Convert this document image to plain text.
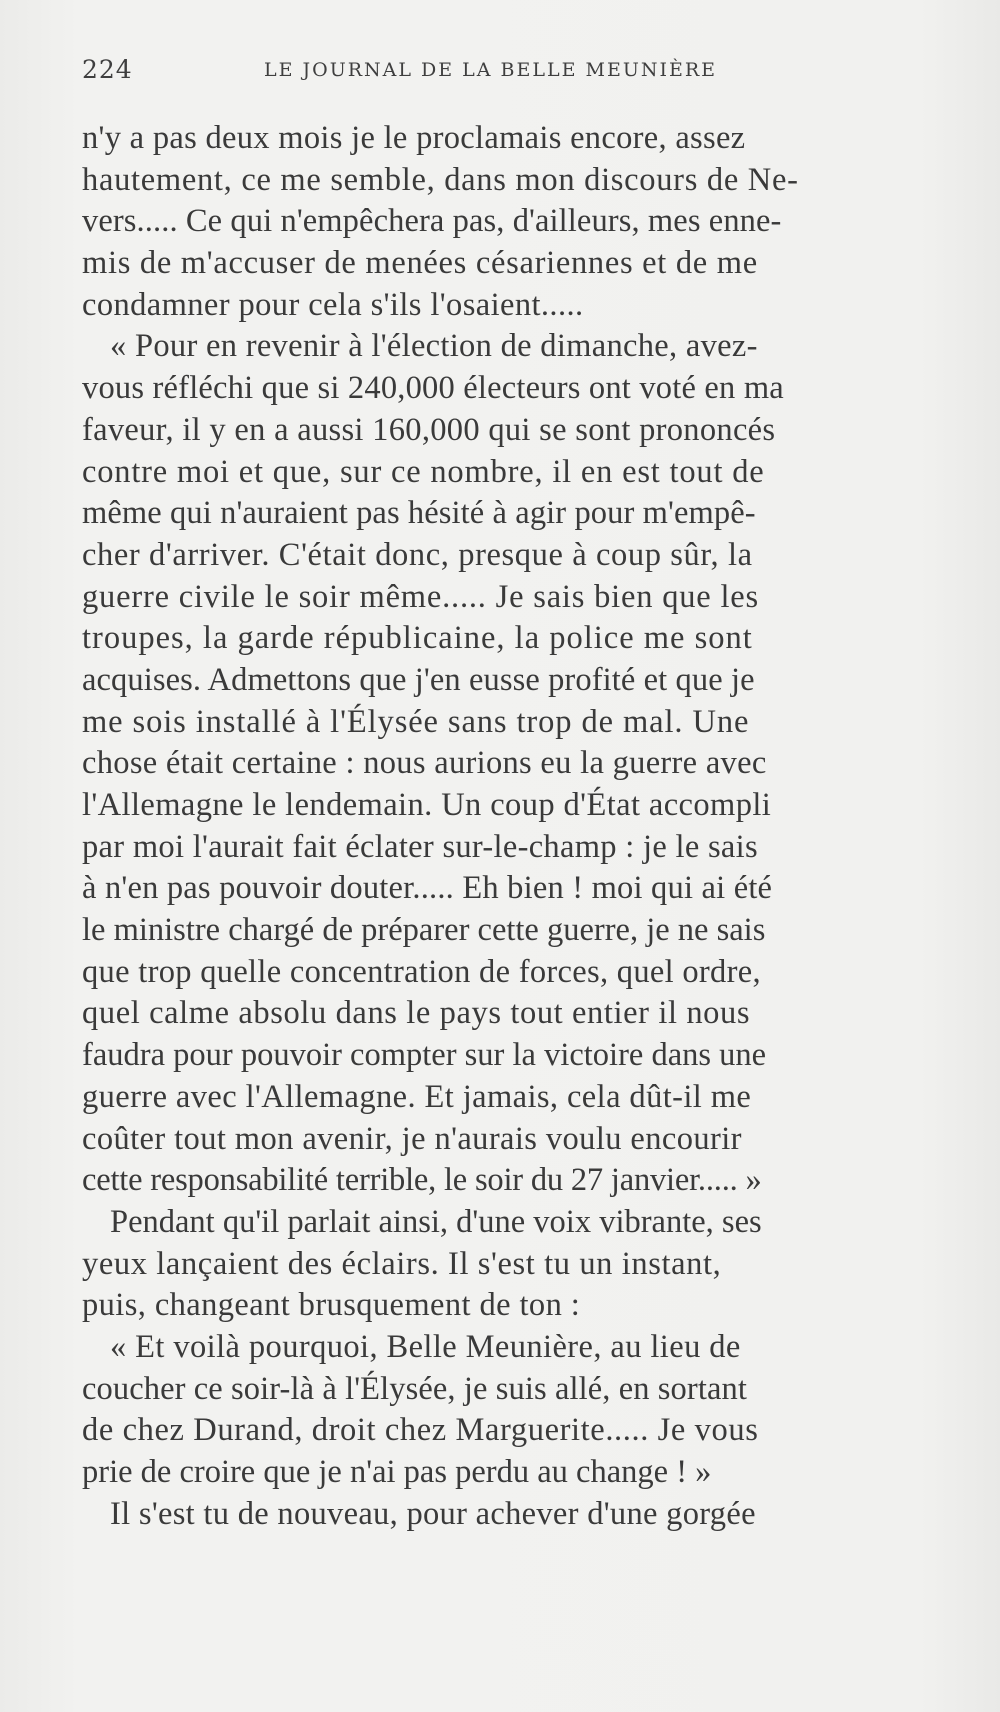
224	LE JOURNAL DE LA BELLE MEUNIÈRE
n'y a pas deux mois je le proclamais encore, assez
hautement, ce me semble, dans mon discours de Ne-
vers..... Ce qui n'empêchera pas, d'ailleurs, mes enne-
mis de m'accuser de menées césariennes et de me
condamner pour cela s'ils l'osaient.....
« Pour en revenir à l'élection de dimanche, avez-
vous réfléchi que si 240,000 électeurs ont voté en ma
faveur, il y en a aussi 160,000 qui se sont prononcés
contre moi et que, sur ce nombre, il en est tout de
même qui n'auraient pas hésité à agir pour m'empê-
cher d'arriver. C'était donc, presque à coup sûr, la
guerre civile le soir même..... Je sais bien que les
troupes, la garde républicaine, la police me sont
acquises. Admettons que j'en eusse profité et que je
me sois installé à l'Élysée sans trop de mal. Une
chose était certaine : nous aurions eu la guerre avec
l'Allemagne le lendemain. Un coup d'État accompli
par moi l'aurait fait éclater sur-le-champ : je le sais
à n'en pas pouvoir douter..... Eh bien ! moi qui ai été
le ministre chargé de préparer cette guerre, je ne sais
que trop quelle concentration de forces, quel ordre,
quel calme absolu dans le pays tout entier il nous
faudra pour pouvoir compter sur la victoire dans une
guerre avec l'Allemagne. Et jamais, cela dût-il me
coûter tout mon avenir, je n'aurais voulu encourir
cette responsabilité terrible, le soir du 27 janvier..... »
Pendant qu'il parlait ainsi, d'une voix vibrante, ses
yeux lançaient des éclairs. Il s'est tu un instant,
puis, changeant brusquement de ton :
« Et voilà pourquoi, Belle Meunière, au lieu de
coucher ce soir-là à l'Élysée, je suis allé, en sortant
de chez Durand, droit chez Marguerite..... Je vous
prie de croire que je n'ai pas perdu au change ! »
Il s'est tu de nouveau, pour achever d'une gorgée
